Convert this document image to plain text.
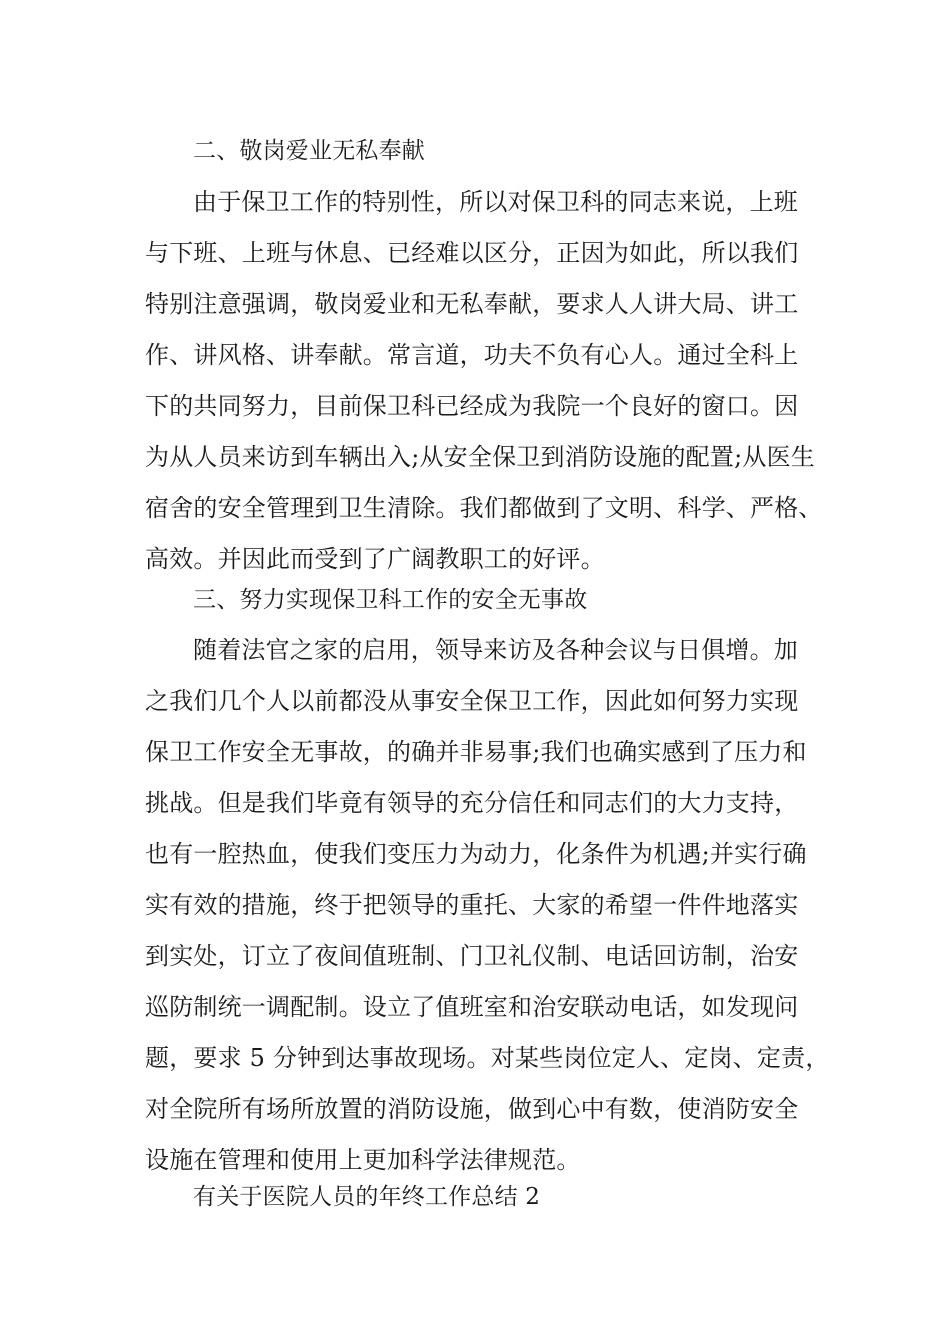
二、敬岗爱业无私奉献
由于保卫工作的特别性，所以对保卫科的同志来说，上班
与下班、上班与休息、已经难以区分，正因为如此，所以我们
特别注意强调，敬岗爱业和无私奉献，要求人人讲大局、讲工
作、讲风格、讲奉献。常言道，功夫不负有心人。通过全科上
下的共同努力，目前保卫科已经成为我院一个良好的窗口。因
为从人员来访到车辆出入;从安全保卫到消防设施的配置;从医生
宿舍的安全管理到卫生清除。我们都做到了文明、科学、严格、
高效。并因此而受到了广阔教职工的好评。
三、努力实现保卫科工作的安全无事故
随着法官之家的启用，领导来访及各种会议与日俱增。加
之我们几个人以前都没从事安全保卫工作，因此如何努力实现
保卫工作安全无事故，的确并非易事;我们也确实感到了压力和
挑战。但是我们毕竟有领导的充分信任和同志们的大力支持，
也有一腔热血，使我们变压力为动力，化条件为机遇;并实行确
实有效的措施，终于把领导的重托、大家的希望一件件地落实
到实处，订立了夜间值班制、门卫礼仪制、电话回访制，治安
巡防制统一调配制。设立了值班室和治安联动电话，如发现问
题，要求 5 分钟到达事故现场。对某些岗位定人、定岗、定责，
对全院所有场所放置的消防设施，做到心中有数，使消防安全
设施在管理和使用上更加科学法律规范。
有关于医院人员的年终工作总结 2
